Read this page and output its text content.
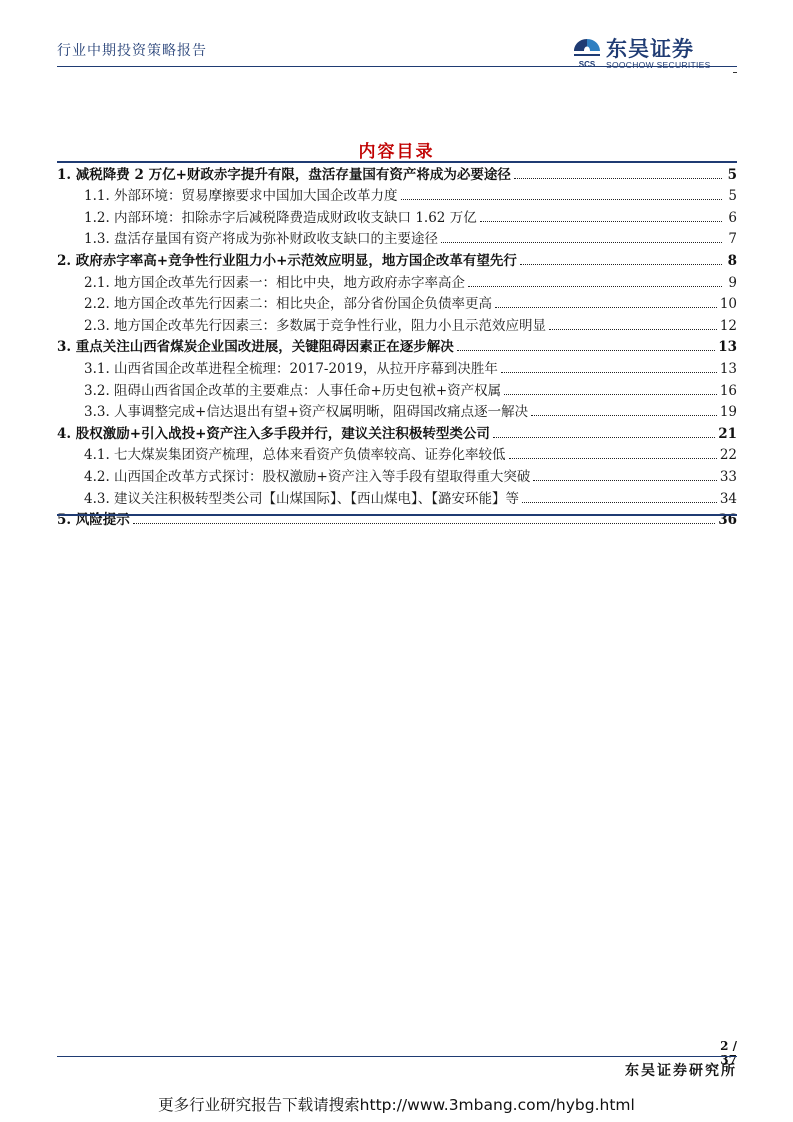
行业中期投资策略报告
SCS
东吴证券
SOOCHOW SECURITIES
内容目录
1. 减税降费 2 万亿+财政赤字提升有限，盘活存量国有资产将成为必要途径	5
1.1. 外部环境：贸易摩擦要求中国加大国企改革力度	5
1.2. 内部环境：扣除赤字后减税降费造成财政收支缺口 1.62 万亿	6
1.3. 盘活存量国有资产将成为弥补财政收支缺口的主要途径	7
2. 政府赤字率高+竞争性行业阻力小+示范效应明显，地方国企改革有望先行	8
2.1. 地方国企改革先行因素一：相比中央，地方政府赤字率高企	9
2.2. 地方国企改革先行因素二：相比央企，部分省份国企负债率更高	10
2.3. 地方国企改革先行因素三：多数属于竞争性行业，阻力小且示范效应明显	12
3. 重点关注山西省煤炭企业国改进展，关键阻碍因素正在逐步解决	13
3.1. 山西省国企改革进程全梳理：2017-2019，从拉开序幕到决胜年	13
3.2. 阻碍山西省国企改革的主要难点：人事任命+历史包袱+资产权属	16
3.3. 人事调整完成+信达退出有望+资产权属明晰，阻碍国改痛点逐一解决	19
4. 股权激励+引入战投+资产注入多手段并行，建议关注积极转型类公司	21
4.1. 七大煤炭集团资产梳理，总体来看资产负债率较高、证券化率较低	22
4.2. 山西国企改革方式探讨：股权激励+资产注入等手段有望取得重大突破	33
4.3. 建议关注积极转型类公司【山煤国际】、【西山煤电】、【潞安环能】等	34
5. 风险提示	36
2 / 37
东吴证券研究所
更多行业研究报告下载请搜索http://www.3mbang.com/hybg.html
